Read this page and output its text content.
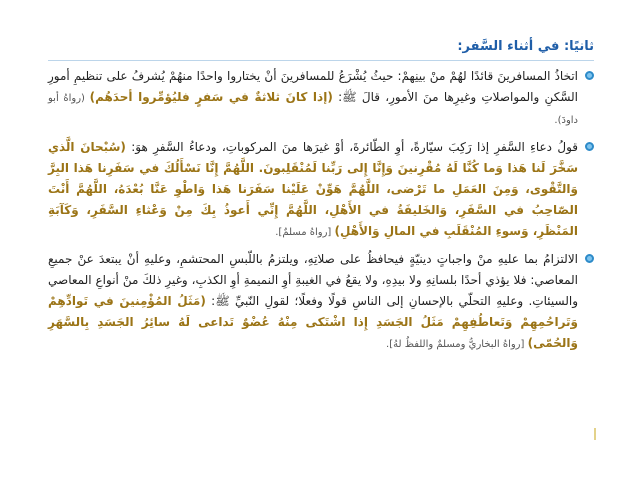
ثانيًا: في أثناء السَّفر:

اتخاذُ المسافرينَ قائدًا لهُمْ منْ بينِهمْ: حيثُ يُشْرَعُ للمسافرينَ أنْ يختاروا واحدًا منهُمْ يُشرفُ على تنظيمِ أمورِ السَّكنِ والمواصلاتِ وغيرِها منَ الأمورِ، قالَ ﷺ: (إذا كانَ ثلاثةٌ في سَفرٍ فليُؤمِّروا أحدَهُم) (رواهُ أبو داودَ).

قولُ دعاءِ السَّفرِ إذا رَكِبَ سيّارةً، أوِ الطّائرةَ، أوْ غيرَها منَ المركوباتِ، ودعاءُ السَّفرِ هوَ: (سُبْحانَ الَّذي سَخَّرَ لَنا هَذا وَما كُنَّا لَهُ مُقْرِنينَ وَإِنَّا إِلى رَبِّنا لَمُنْقَلِبونَ. اللَّهُمَّ إِنَّا نَسْأَلُكَ في سَفَرِنا هَذا البِرَّ وَالتَّقْوى، وَمِنَ العَمَلِ ما تَرْضى، اللَّهُمَّ هَوِّنْ عَلَيْنا سَفَرَنا هَذا وَاطْوِ عَنَّا بُعْدَهُ، اللَّهُمَّ أَنْتَ الصّاحِبُ في السَّفَرِ، وَالخَليفَةُ في الأَهْلِ، اللَّهُمَّ إِنِّي أَعوذُ بِكَ مِنْ وَعْثاءِ السَّفَرِ، وَكَآبَةِ المَنْظَرِ، وَسوءِ المُنْقَلَبِ في المالِ وَالأَهْلِ) [رواهُ مسلمٌ].

الالتزامُ بما عليهِ منْ واجباتٍ دينيّةٍ فيحافظُ على صلاتِهِ، ويلتزمُ باللّبسِ المحتشمِ، وعليهِ أنْ يبتعدَ عنْ جميعِ المعاصي: فلا يؤذي أحدًا بلسانِهِ ولا بيدِهِ، ولا يقعُ في الغيبةِ أوِ النميمةِ أوِ الكذبِ، وغيرِ ذلكَ منْ أنواعِ المعاصي والسيئاتِ. وعليهِ التحلّي بالإحسانِ إلى الناسِ قولًا وفعلًا؛ لقولِ النّبيِّ ﷺ: (مَثَلُ المُؤْمِنينَ في تَوادِّهِمْ وَتَراحُمِهِمْ وَتَعاطُفِهِمْ مَثَلُ الجَسَدِ إِذا اشْتَكى مِنْهُ عُضْوٌ تَداعى لَهُ سائِرُ الجَسَدِ بِالسَّهَرِ وَالحُمّى) [رواهُ البخاريُّ ومسلمٌ واللفظُ لهُ].
